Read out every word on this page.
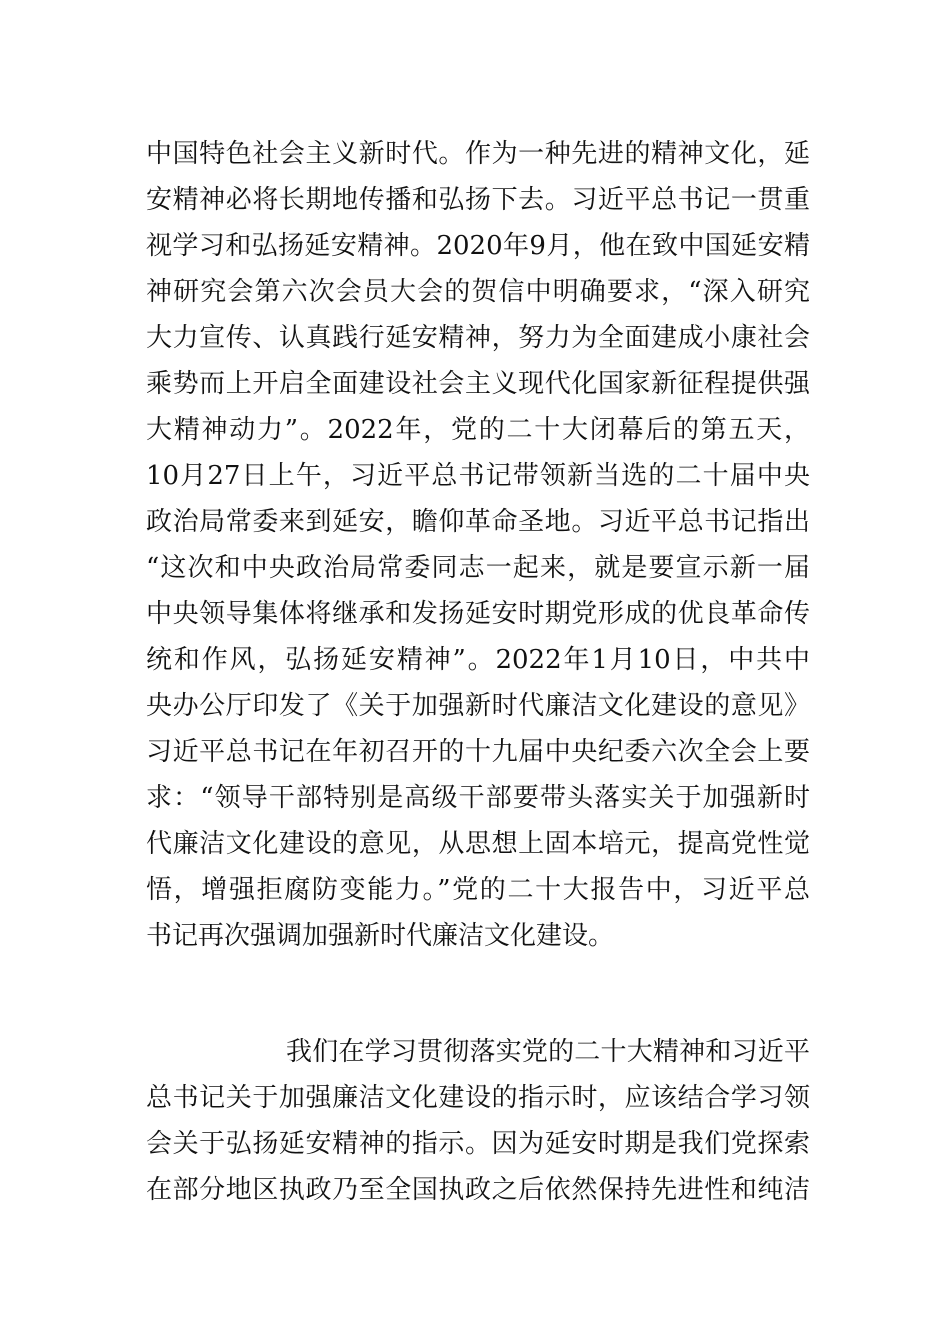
中国特色社会主义新时代。作为一种先进的精神文化，延
安精神必将长期地传播和弘扬下去。习近平总书记一贯重
视学习和弘扬延安精神。2020年9月，他在致中国延安精
神研究会第六次会员大会的贺信中明确要求，“深入研究
大力宣传、认真践行延安精神，努力为全面建成小康社会
乘势而上开启全面建设社会主义现代化国家新征程提供强
大精神动力”。2022年，党的二十大闭幕后的第五天，
10月27日上午，习近平总书记带领新当选的二十届中央
政治局常委来到延安，瞻仰革命圣地。习近平总书记指出
“这次和中央政治局常委同志一起来，就是要宣示新一届
中央领导集体将继承和发扬延安时期党形成的优良革命传
统和作风，弘扬延安精神”。2022年1月10日，中共中
央办公厅印发了《关于加强新时代廉洁文化建设的意见》
习近平总书记在年初召开的十九届中央纪委六次全会上要
求：“领导干部特别是高级干部要带头落实关于加强新时
代廉洁文化建设的意见，从思想上固本培元，提高党性觉
悟，增强拒腐防变能力。”党的二十大报告中，习近平总
书记再次强调加强新时代廉洁文化建设。
我们在学习贯彻落实党的二十大精神和习近平
总书记关于加强廉洁文化建设的指示时，应该结合学习领
会关于弘扬延安精神的指示。因为延安时期是我们党探索
在部分地区执政乃至全国执政之后依然保持先进性和纯洁
